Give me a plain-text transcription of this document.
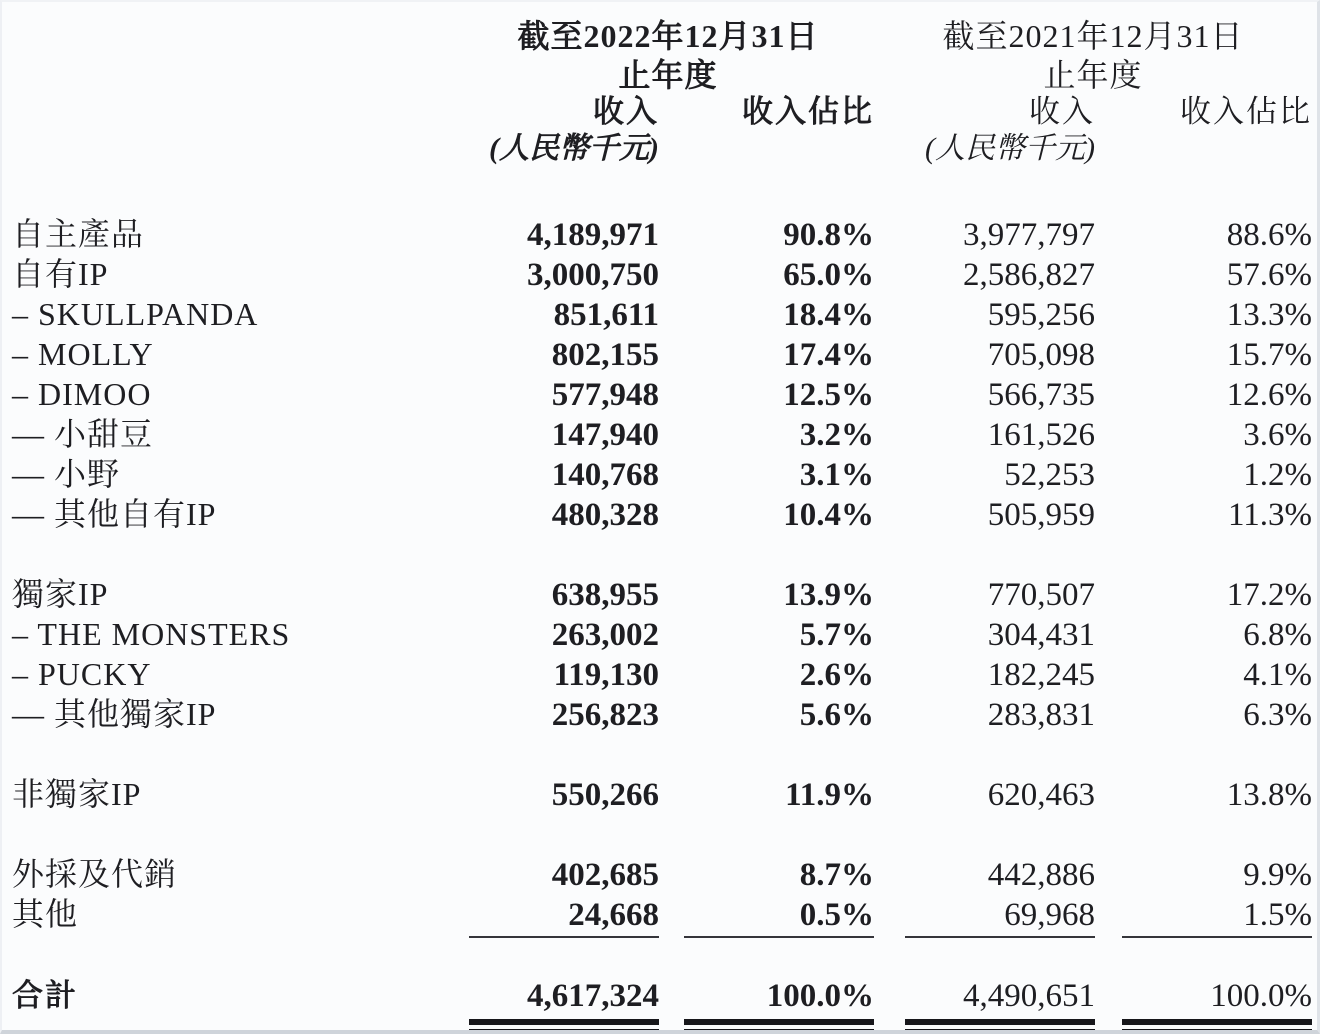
截至2022年12月31日	截至2021年12月31日
止年度	止年度
收入	收入佔比	收入	收入佔比
(人民幣千元)	(人民幣千元)
自主產品	4,189,971	90.8%	3,977,797	88.6%
自有IP	3,000,750	65.0%	2,586,827	57.6%
– SKULLPANDA	851,611	18.4%	595,256	13.3%
– MOLLY	802,155	17.4%	705,098	15.7%
– DIMOO	577,948	12.5%	566,735	12.6%
— 小甜豆	147,940	3.2%	161,526	3.6%
— 小野	140,768	3.1%	52,253	1.2%
— 其他自有IP	480,328	10.4%	505,959	11.3%
獨家IP	638,955	13.9%	770,507	17.2%
– THE MONSTERS	263,002	5.7%	304,431	6.8%
– PUCKY	119,130	2.6%	182,245	4.1%
— 其他獨家IP	256,823	5.6%	283,831	6.3%
非獨家IP	550,266	11.9%	620,463	13.8%
外採及代銷	402,685	8.7%	442,886	9.9%
其他	24,668	0.5%	69,968	1.5%
合計	4,617,324	100.0%	4,490,651	100.0%
